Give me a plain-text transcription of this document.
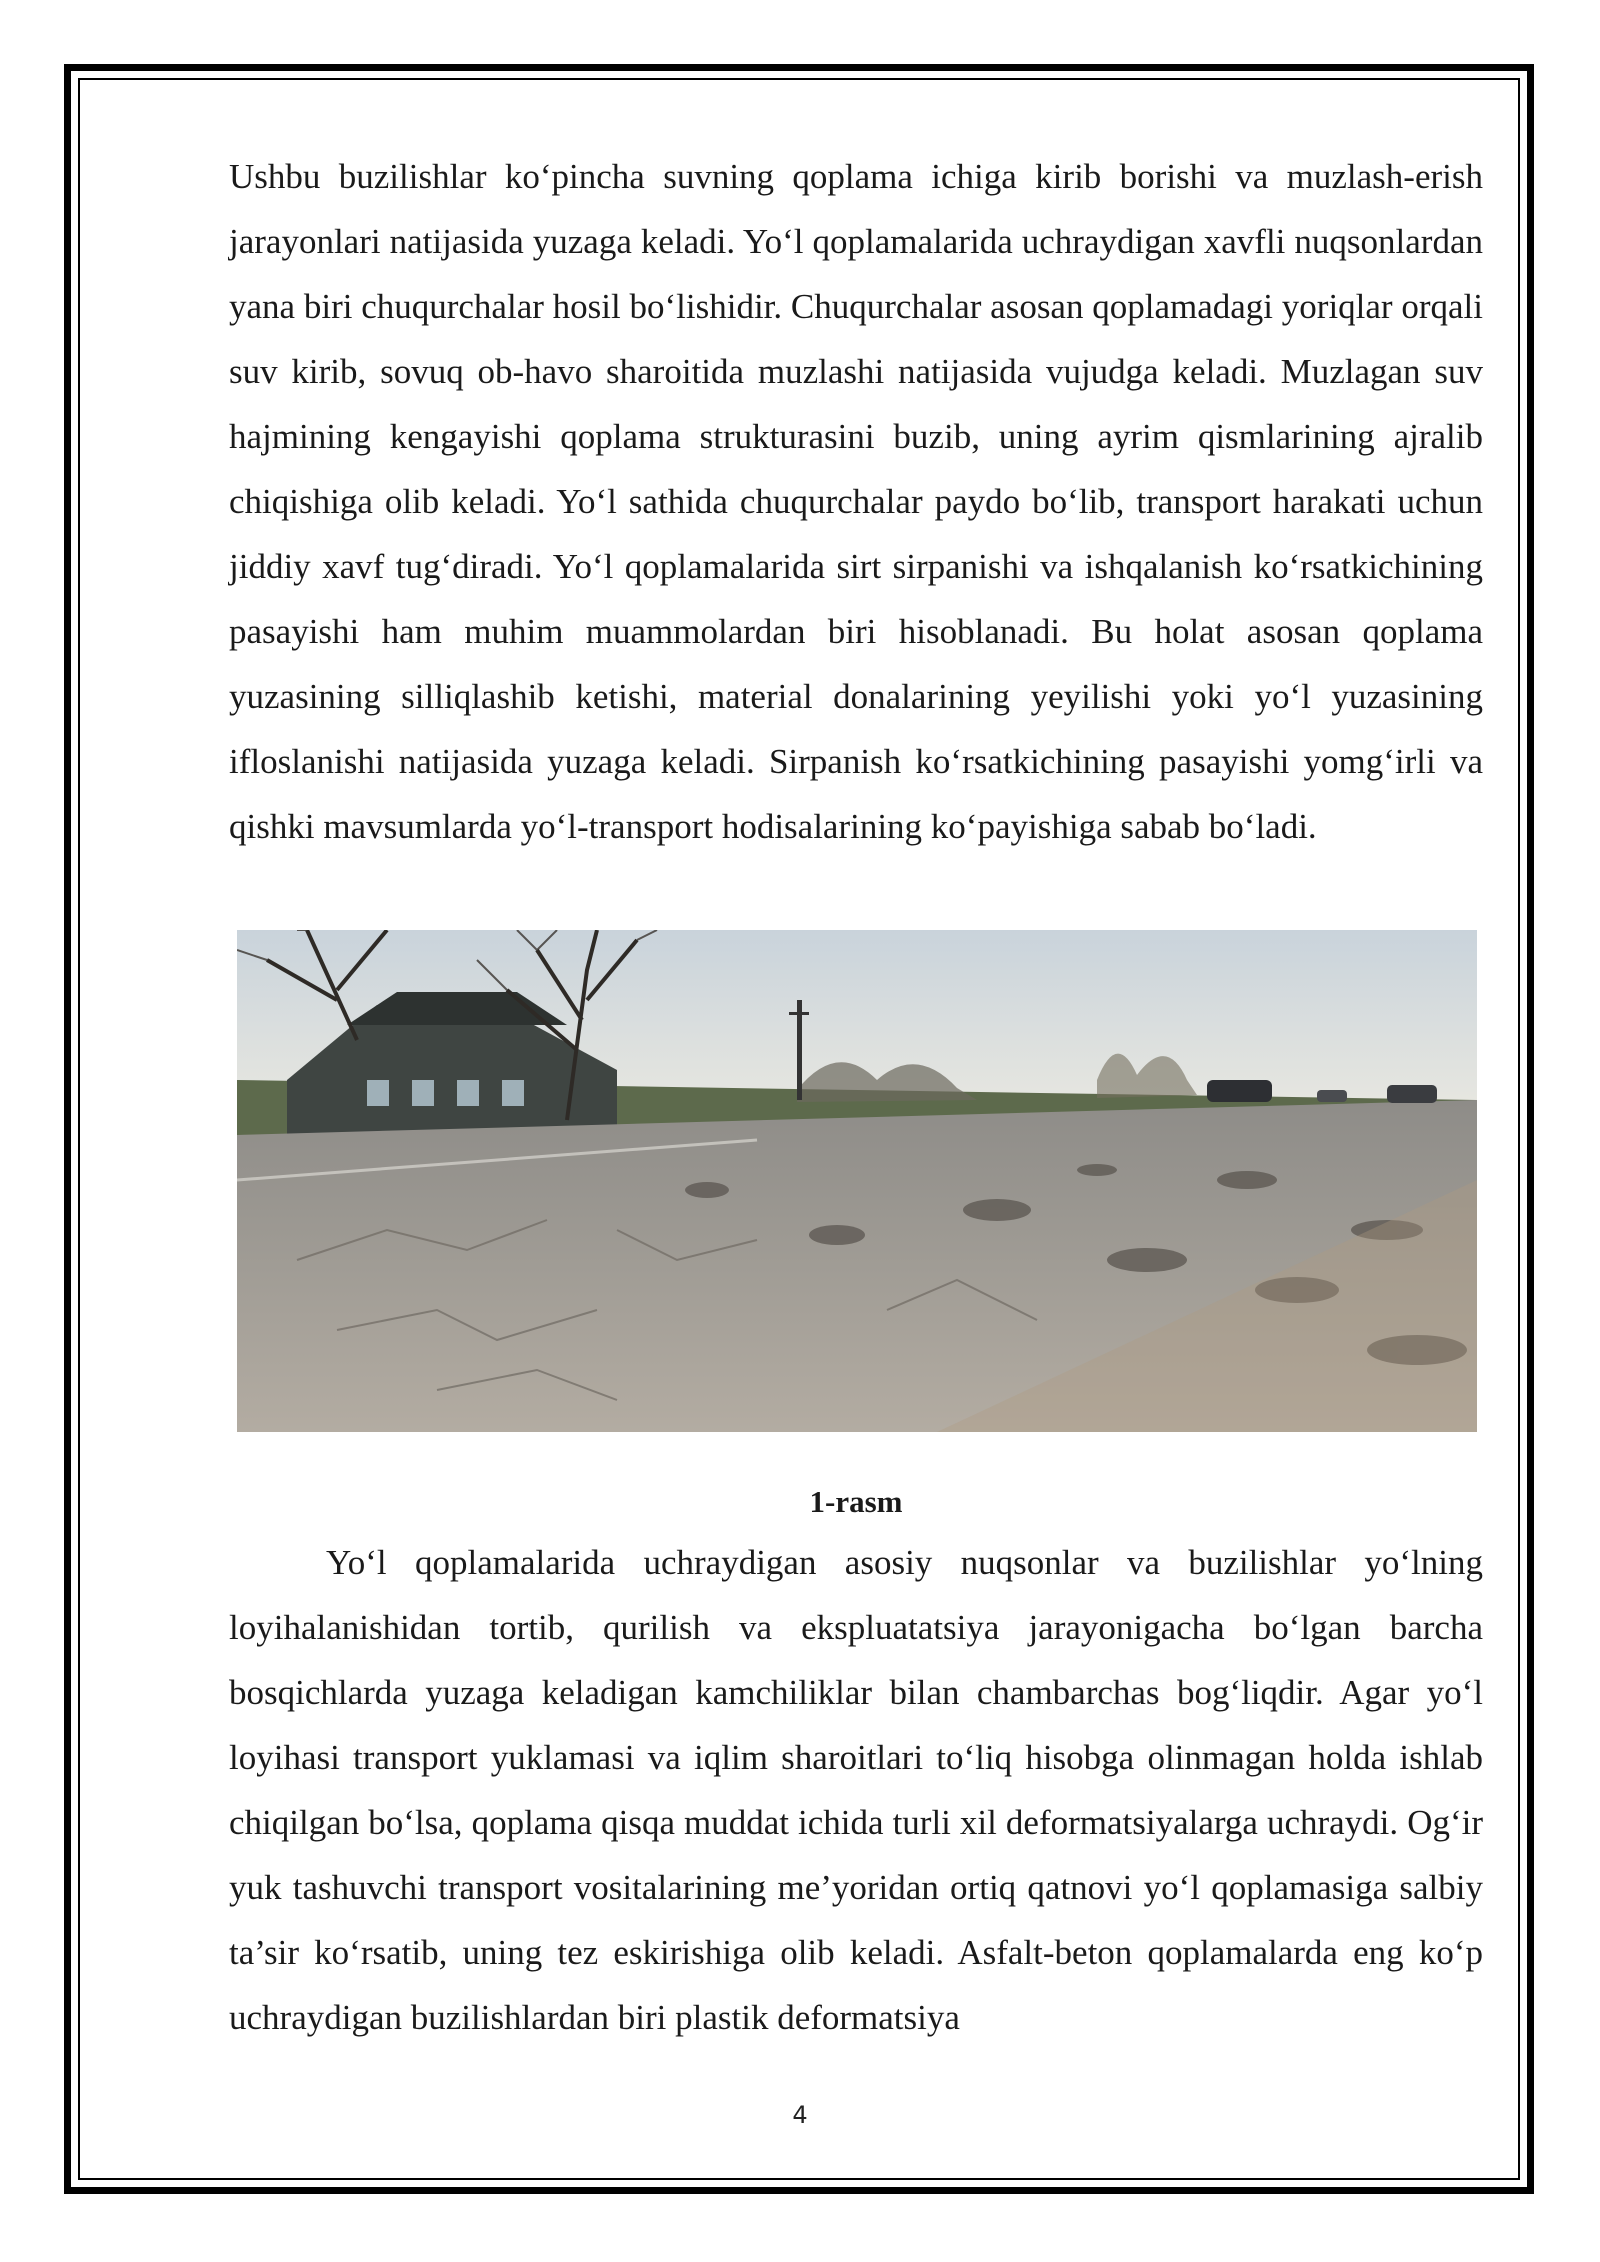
Ushbu buzilishlar ko‘pincha suvning qoplama ichiga kirib borishi va muzlash-erish jarayonlari natijasida yuzaga keladi. Yo‘l qoplamalarida uchraydigan xavfli nuqsonlardan yana biri chuqurchalar hosil bo‘lishidir. Chuqurchalar asosan qoplamadagi yoriqlar orqali suv kirib, sovuq ob-havo sharoitida muzlashi natijasida vujudga keladi. Muzlagan suv hajmining kengayishi qoplama strukturasini buzib, uning ayrim qismlarining ajralib chiqishiga olib keladi. Yo‘l sathida chuqurchalar paydo bo‘lib, transport harakati uchun jiddiy xavf tug‘diradi. Yo‘l qoplamalarida sirt sirpanishi va ishqalanish ko‘rsatkichining pasayishi ham muhim muammolardan biri hisoblanadi. Bu holat asosan qoplama yuzasining silliqlashib ketishi, material donalarining yeyilishi yoki yo‘l yuzasining ifloslanishi natijasida yuzaga keladi. Sirpanish ko‘rsatkichining pasayishi yomg‘irli va qishki mavsumlarda yo‘l-transport hodisalarining ko‘payishiga sabab bo‘ladi.

1-rasm

Yo‘l qoplamalarida uchraydigan asosiy nuqsonlar va buzilishlar yo‘lning loyihalanishidan tortib, qurilish va ekspluatatsiya jarayonigacha bo‘lgan barcha bosqichlarda yuzaga keladigan kamchiliklar bilan chambarchas bog‘liqdir. Agar yo‘l loyihasi transport yuklamasi va iqlim sharoitlari to‘liq hisobga olinmagan holda ishlab chiqilgan bo‘lsa, qoplama qisqa muddat ichida turli xil deformatsiyalarga uchraydi. Og‘ir yuk tashuvchi transport vositalarining me’yoridan ortiq qatnovi yo‘l qoplamasiga salbiy ta’sir ko‘rsatib, uning tez eskirishiga olib keladi. Asfalt-beton qoplamalarda eng ko‘p uchraydigan buzilishlardan biri plastik deformatsiya

4
